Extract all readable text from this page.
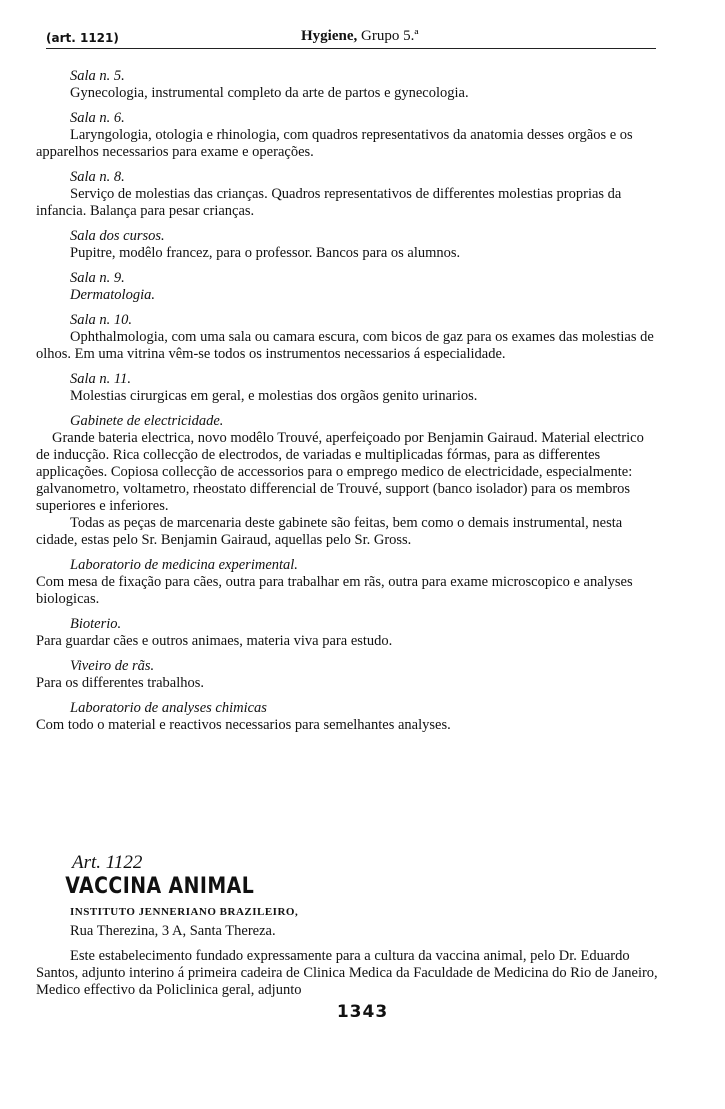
(art. 1121)	Hygiene, Grupo 5.ª
Sala n. 5.
Gynecologia, instrumental completo da arte de partos e gynecologia.
Sala n. 6.
Laryngologia, otologia e rhinologia, com quadros representativos da anatomia desses orgãos e os apparelhos necessarios para exame e operações.
Sala n. 8.
Serviço de molestias das crianças. Quadros representativos de differentes molestias proprias da infancia. Balança para pesar crianças.
Sala dos cursos.
Pupitre, modêlo francez, para o professor. Bancos para os alumnos.
Sala n. 9.
Dermatologia.
Sala n. 10.
Ophthalmologia, com uma sala ou camara escura, com bicos de gaz para os exames das molestias de olhos. Em uma vitrina vêm-se todos os instrumentos necessarios á especialidade.
Sala n. 11.
Molestias cirurgicas em geral, e molestias dos orgãos genito urinarios.
Gabinete de electricidade.
Grande bateria electrica, novo modêlo Trouvé, aperfeiçoado por Benjamin Gairaud. Material electrico de inducção. Rica collecção de electrodos, de variadas e multiplicadas fórmas, para as differentes applicações. Copiosa collecção de accessorios para o emprego medico de electricidade, especialmente: galvanometro, voltametro, rheostato differencial de Trouvé, support (banco isolador) para os membros superiores e inferiores.
Todas as peças de marcenaria deste gabinete são feitas, bem como o demais instrumental, nesta cidade, estas pelo Sr. Benjamin Gairaud, aquellas pelo Sr. Gross.
Laboratorio de medicina experimental.
Com mesa de fixação para cães, outra para trabalhar em rãs, outra para exame microscopico e analyses biologicas.
Bioterio.
Para guardar cães e outros animaes, materia viva para estudo.
Viveiro de rãs.
Para os differentes trabalhos.
Laboratorio de analyses chimicas
Com todo o material e reactivos necessarios para semelhantes analyses.
Art. 1122
VACCINA ANIMAL
INSTITUTO JENNERIANO BRAZILEIRO,
Rua Therezina, 3 A, Santa Thereza.
Este estabelecimento fundado expressamente para a cultura da vaccina animal, pelo Dr. Eduardo Santos, adjunto interino á primeira cadeira de Clinica Medica da Faculdade de Medicina do Rio de Janeiro, Medico effectivo da Policlinica geral, adjunto
1343
